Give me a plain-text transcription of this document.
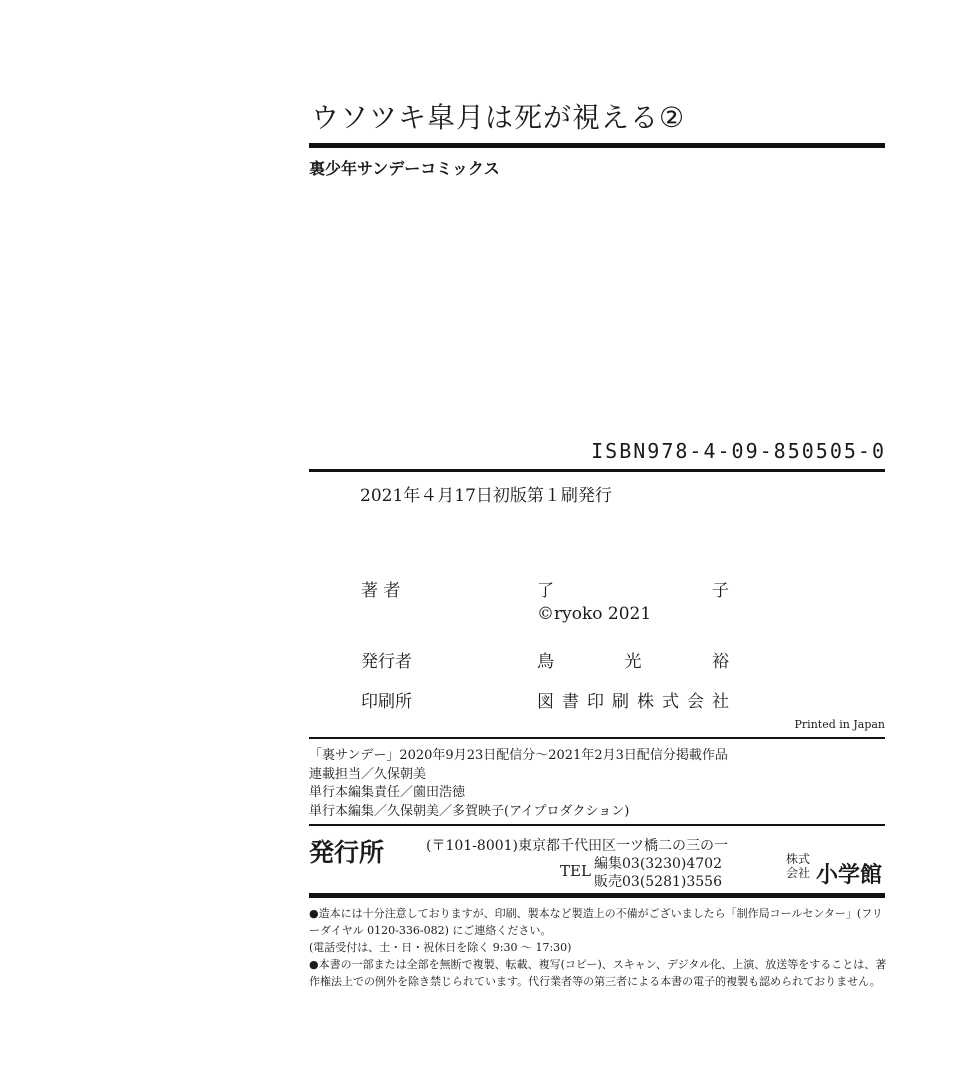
ウソツキ皐月は死が視える②
裏少年サンデーコミックス
ISBN978-4-09-850505-0
2021年４月17日初版第１刷発行
著 者	了	子
©ryoko 2021
発行者	鳥	光	裕
印刷所	図 書 印 刷 株 式 会 社
Printed in Japan
「裏サンデー」2020年9月23日配信分〜2021年2月3日配信分掲載作品
連載担当／久保朝美
単行本編集責任／薗田浩徳
単行本編集／久保朝美／多賀映子(アイプロダクション)
発行所	(〒101-8001)東京都千代田区一ツ橋二の三の一
TEL 編集03(3230)4702
販売03(5281)3556
株式会社 小学館

●造本には十分注意しておりますが、印刷、製本など製造上の不備がございましたら「制作局コールセンター」(フリーダイヤル 0120-336-082) にご連絡ください。

(電話受付は、土・日・祝休日を除く 9:30 〜 17:30)

●本書の一部または全部を無断で複製、転載、複写(コピー)、スキャン、デジタル化、上演、放送等をすることは、著作権法上での例外を除き禁じられています。代行業者等の第三者による本書の電子的複製も認められておりません。
